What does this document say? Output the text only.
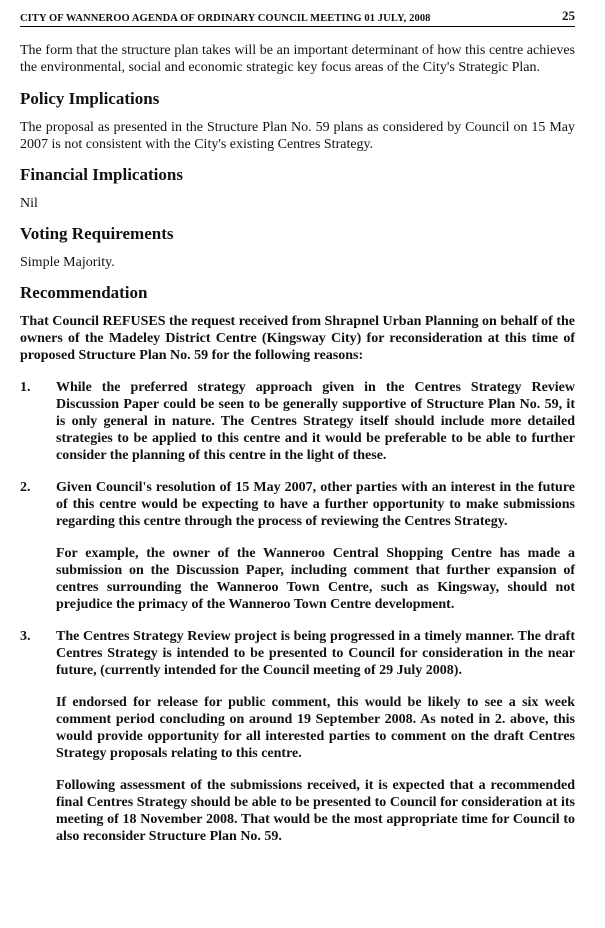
CITY OF WANNEROO AGENDA OF ORDINARY COUNCIL MEETING 01 JULY, 2008	25

The form that the structure plan takes will be an important determinant of how this centre achieves the environmental, social and economic strategic key focus areas of the City's Strategic Plan.

Policy Implications

The proposal as presented in the Structure Plan No. 59 plans as considered by Council on 15 May 2007 is not consistent with the City's existing Centres Strategy.

Financial Implications

Nil

Voting Requirements

Simple Majority.

Recommendation

That Council REFUSES the request received from Shrapnel Urban Planning on behalf of the owners of the Madeley District Centre (Kingsway City) for reconsideration at this time of proposed Structure Plan No. 59 for the following reasons:

1.	While the preferred strategy approach given in the Centres Strategy Review Discussion Paper could be seen to be generally supportive of Structure Plan No. 59, it is only general in nature. The Centres Strategy itself should include more detailed strategies to be applied to this centre and it would be preferable to be able to further consider the planning of this centre in the light of these.

2.	Given Council's resolution of 15 May 2007, other parties with an interest in the future of this centre would be expecting to have a further opportunity to make submissions regarding this centre through the process of reviewing the Centres Strategy.

For example, the owner of the Wanneroo Central Shopping Centre has made a submission on the Discussion Paper, including comment that further expansion of centres surrounding the Wanneroo Town Centre, such as Kingsway, should not prejudice the primacy of the Wanneroo Town Centre development.

3.	The Centres Strategy Review project is being progressed in a timely manner. The draft Centres Strategy is intended to be presented to Council for consideration in the near future, (currently intended for the Council meeting of 29 July 2008).

If endorsed for release for public comment, this would be likely to see a six week comment period concluding on around 19 September 2008. As noted in 2. above, this would provide opportunity for all interested parties to comment on the draft Centres Strategy proposals relating to this centre.

Following assessment of the submissions received, it is expected that a recommended final Centres Strategy should be able to be presented to Council for consideration at its meeting of 18 November 2008. That would be the most appropriate time for Council to also reconsider Structure Plan No. 59.
